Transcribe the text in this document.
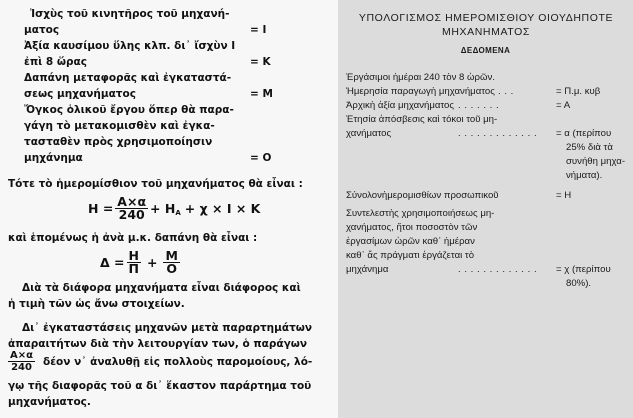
Ἰσχὺς τοῦ κινητῆρος τοῦ μηχανή-
ματος	= Ι
Ἀξία καυσίμου ὕλης κλπ. δι᾿ ἴσχὺν Ι
ἐπὶ 8 ὥρας	= Κ
Δαπάνη μεταφορᾶς καὶ ἐγκαταστά-
σεως μηχανήματος	= Μ
Ὄγκος ὁλικοῦ ἔργου ὅπερ θὰ παρα-
γάγη τὸ μετακομισθὲν καὶ ἐγκα-
τασταθὲν πρὸς χρησιμοποίησιν
μηχάνημα	= Ο
Τότε τὸ ἡμερομίσθιον τοῦ μηχανήματος θὰ εἶναι :
$H = \frac{A\times\alpha}{240} + H$ Α + χ × Ι × Κ
καὶ ἑπομένως ἡ ἀνὰ μ.κ. δαπάνη θὰ εἶναι :
$\Delta = \frac{H}{\Pi} + \frac{M}{O}$
Διὰ τὰ διάφορα μηχανήματα εἶναι διάφορος καὶ
ἡ τιμὴ τῶν ὡς ἄνω στοιχείων.
Δι᾿ ἐγκαταστάσεις μηχανῶν μετὰ παραρτημάτων
ἀπαραιτήτων διὰ τὴν λειτουργίαν των, ὁ παράγων
$\frac{A\times\alpha}{240}$ δέον ν᾿ ἀναλυθῇ εἰς πολλοὺς παρομοίους, λό-
γῳ τῆς διαφορᾶς τοῦ α δι᾿ ἕκαστον παράρτημα τοῦ
μηχανήματος.
ΥΠΟΛΟΓΙΣΜΟΣ ΗΜΕΡΟΜΙΣΘΙΟΥ ΟΙΟΥΔΗΠΟΤΕ
ΜΗΧΑΝΗΜΑΤΟΣ
ΔΕΔΟΜΕΝΑ
Ἐργάσιμοι ἡμέραι 240 τὸν 8 ὡρῶν.
Ἡμερησία παραγωγὴ μηχανήματος . . .	= Π.μ. κυβ
Ἀρχικὴ ἀξία μηχανήματος . . . . . . .	= Α
Ἐτησία ἀπόσβεσις καὶ τόκοι τοῦ μη-
χανήματος	. . . . . . . . . . . . . = α (περίπου
25% διὰ τὰ
συνήθη μηχα-
νήματα).
Σύνολονἡμερομισθίων προσωπικοῦ	= Η
Συντελεστὴς χρησιμοποιήσεως μη-
χανήματος, ἤτοι ποσοστὸν τῶν
ἐργασίμων ὡρῶν καθ᾿ ἡμέραν
καθ᾿ ἅς πράγματι ἐργάζεται τὸ
μηχάνημα	. . . . . . . . . . . . . = χ (περίπου
80%).
